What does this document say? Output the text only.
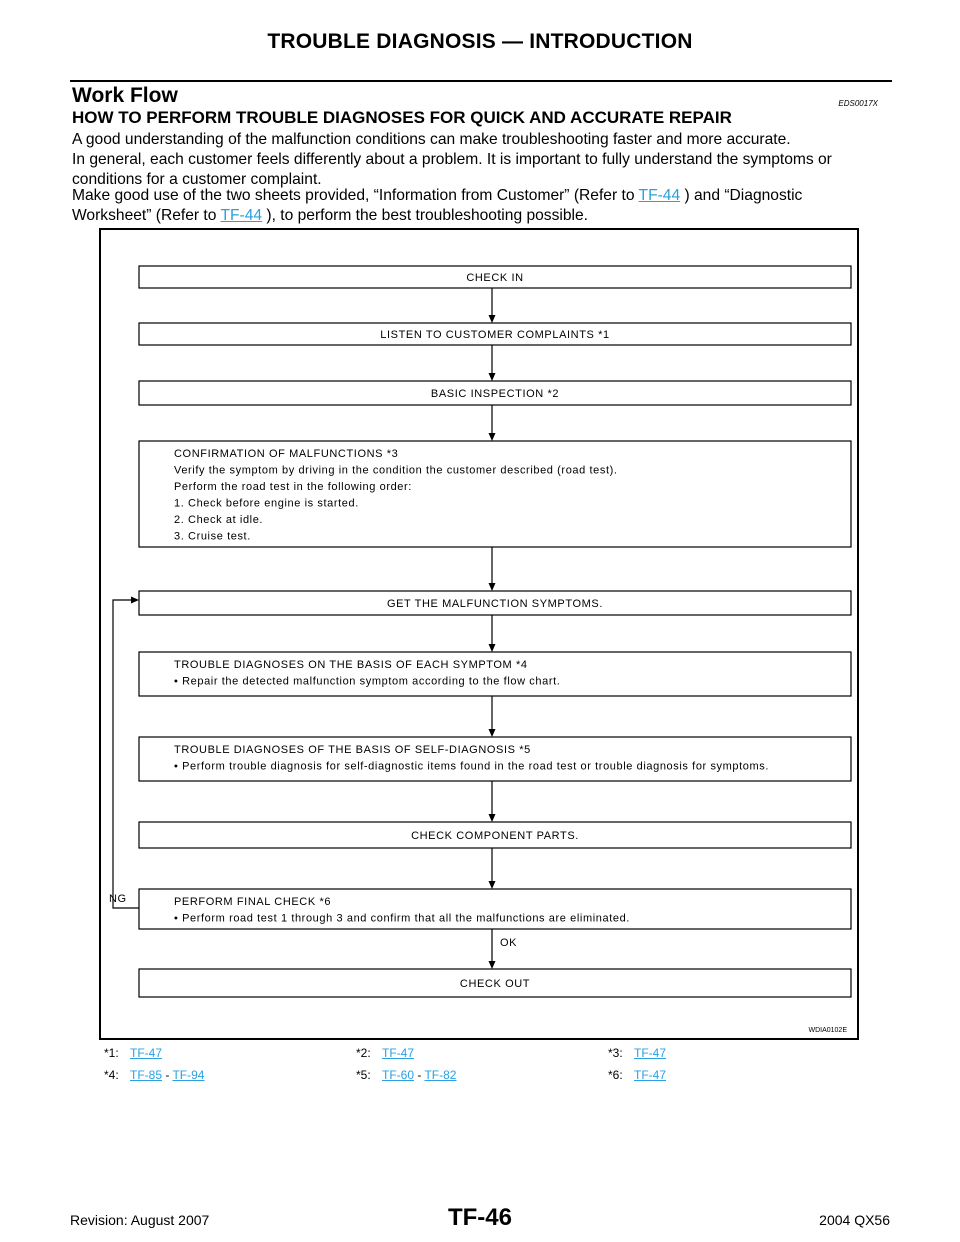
TROUBLE DIAGNOSIS — INTRODUCTION
Work Flow	EDS0017X
HOW TO PERFORM TROUBLE DIAGNOSES FOR QUICK AND ACCURATE REPAIR
A good understanding of the malfunction conditions can make troubleshooting faster and more accurate.
In general, each customer feels differently about a problem. It is important to fully understand the symptoms or conditions for a customer complaint.
Make good use of the two sheets provided, “Information from Customer” (Refer to TF-44 ) and “Diagnostic Worksheet” (Refer to TF-44 ), to perform the best troubleshooting possible.
CHECK IN
LISTEN TO CUSTOMER COMPLAINTS *1
BASIC INSPECTION *2
CONFIRMATION OF MALFUNCTIONS *3
Verify the symptom by driving in the condition the customer described (road test).
Perform the road test in the following order:
1. Check before engine is started.
2. Check at idle.
3. Cruise test.
GET THE MALFUNCTION SYMPTOMS.
TROUBLE DIAGNOSES ON THE BASIS OF EACH SYMPTOM *4
• Repair the detected malfunction symptom according to the flow chart.
TROUBLE DIAGNOSES OF THE BASIS OF SELF-DIAGNOSIS *5
• Perform trouble diagnosis for self-diagnostic items found in the road test or trouble diagnosis for symptoms.
CHECK COMPONENT PARTS.
PERFORM FINAL CHECK *6
• Perform road test 1 through 3 and confirm that all the malfunctions are eliminated.
CHECK OUT
NG
OK
WDIA0102E
*1: TF-47	*2: TF-47	*3: TF-47
*4: TF-85 - TF-94	*5: TF-60 - TF-82	*6: TF-47
TF-46
Revision: August 2007	2004 QX56
